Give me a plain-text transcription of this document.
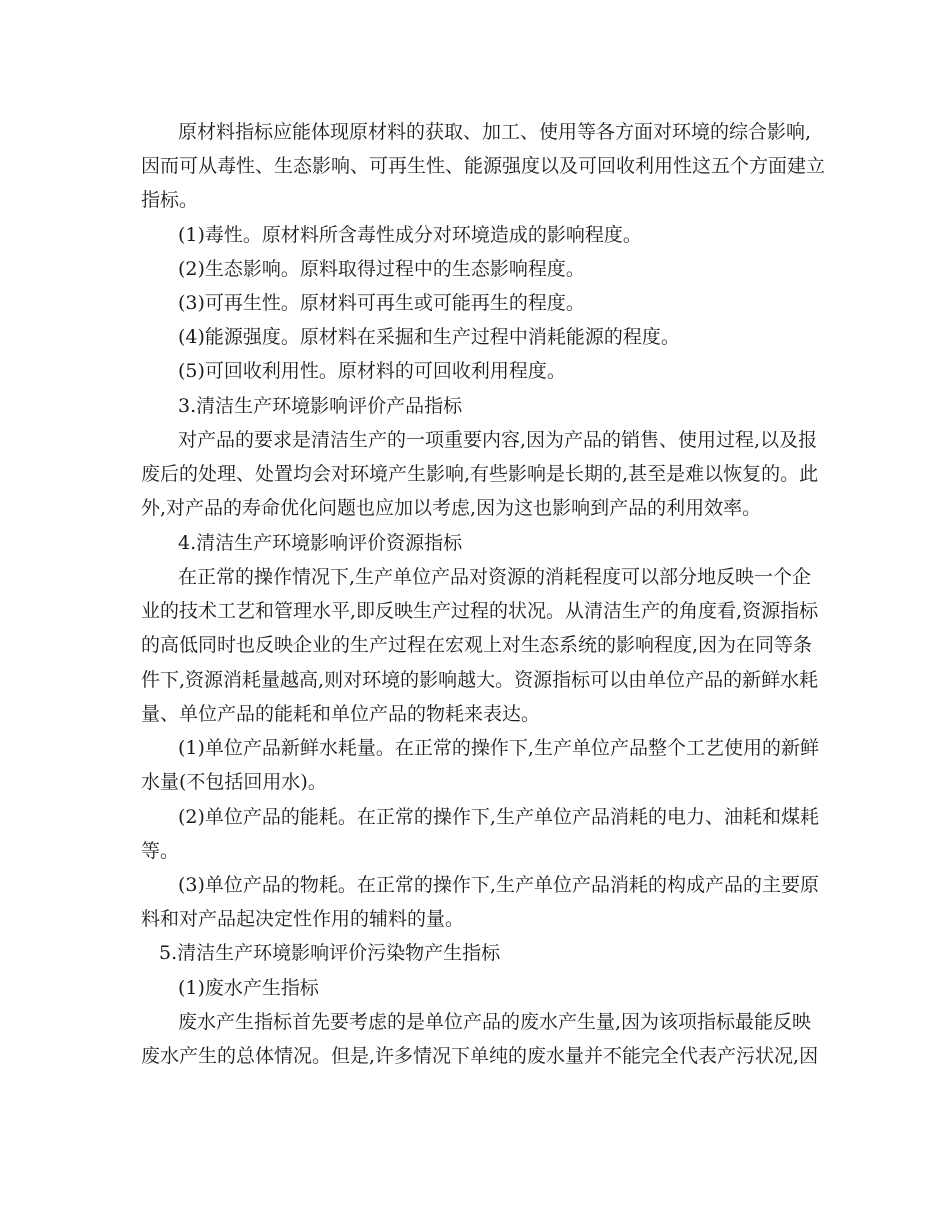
原材料指标应能体现原材料的获取、加工、使用等各方面对环境的综合影响,
因而可从毒性、生态影响、可再生性、能源强度以及可回收利用性这五个方面建立
指标。
(1)毒性。原材料所含毒性成分对环境造成的影响程度。
(2)生态影响。原料取得过程中的生态影响程度。
(3)可再生性。原材料可再生或可能再生的程度。
(4)能源强度。原材料在采掘和生产过程中消耗能源的程度。
(5)可回收利用性。原材料的可回收利用程度。
3.清洁生产环境影响评价产品指标
对产品的要求是清洁生产的一项重要内容,因为产品的销售、使用过程,以及报
废后的处理、处置均会对环境产生影响,有些影响是长期的,甚至是难以恢复的。此
外,对产品的寿命优化问题也应加以考虑,因为这也影响到产品的利用效率。
4.清洁生产环境影响评价资源指标
在正常的操作情况下,生产单位产品对资源的消耗程度可以部分地反映一个企
业的技术工艺和管理水平,即反映生产过程的状况。从清洁生产的角度看,资源指标
的高低同时也反映企业的生产过程在宏观上对生态系统的影响程度,因为在同等条
件下,资源消耗量越高,则对环境的影响越大。资源指标可以由单位产品的新鲜水耗
量、单位产品的能耗和单位产品的物耗来表达。
(1)单位产品新鲜水耗量。在正常的操作下,生产单位产品整个工艺使用的新鲜
水量(不包括回用水)。
(2)单位产品的能耗。在正常的操作下,生产单位产品消耗的电力、油耗和煤耗
等。
(3)单位产品的物耗。在正常的操作下,生产单位产品消耗的构成产品的主要原
料和对产品起决定性作用的辅料的量。
5.清洁生产环境影响评价污染物产生指标
(1)废水产生指标
废水产生指标首先要考虑的是单位产品的废水产生量,因为该项指标最能反映
废水产生的总体情况。但是,许多情况下单纯的废水量并不能完全代表产污状况,因
